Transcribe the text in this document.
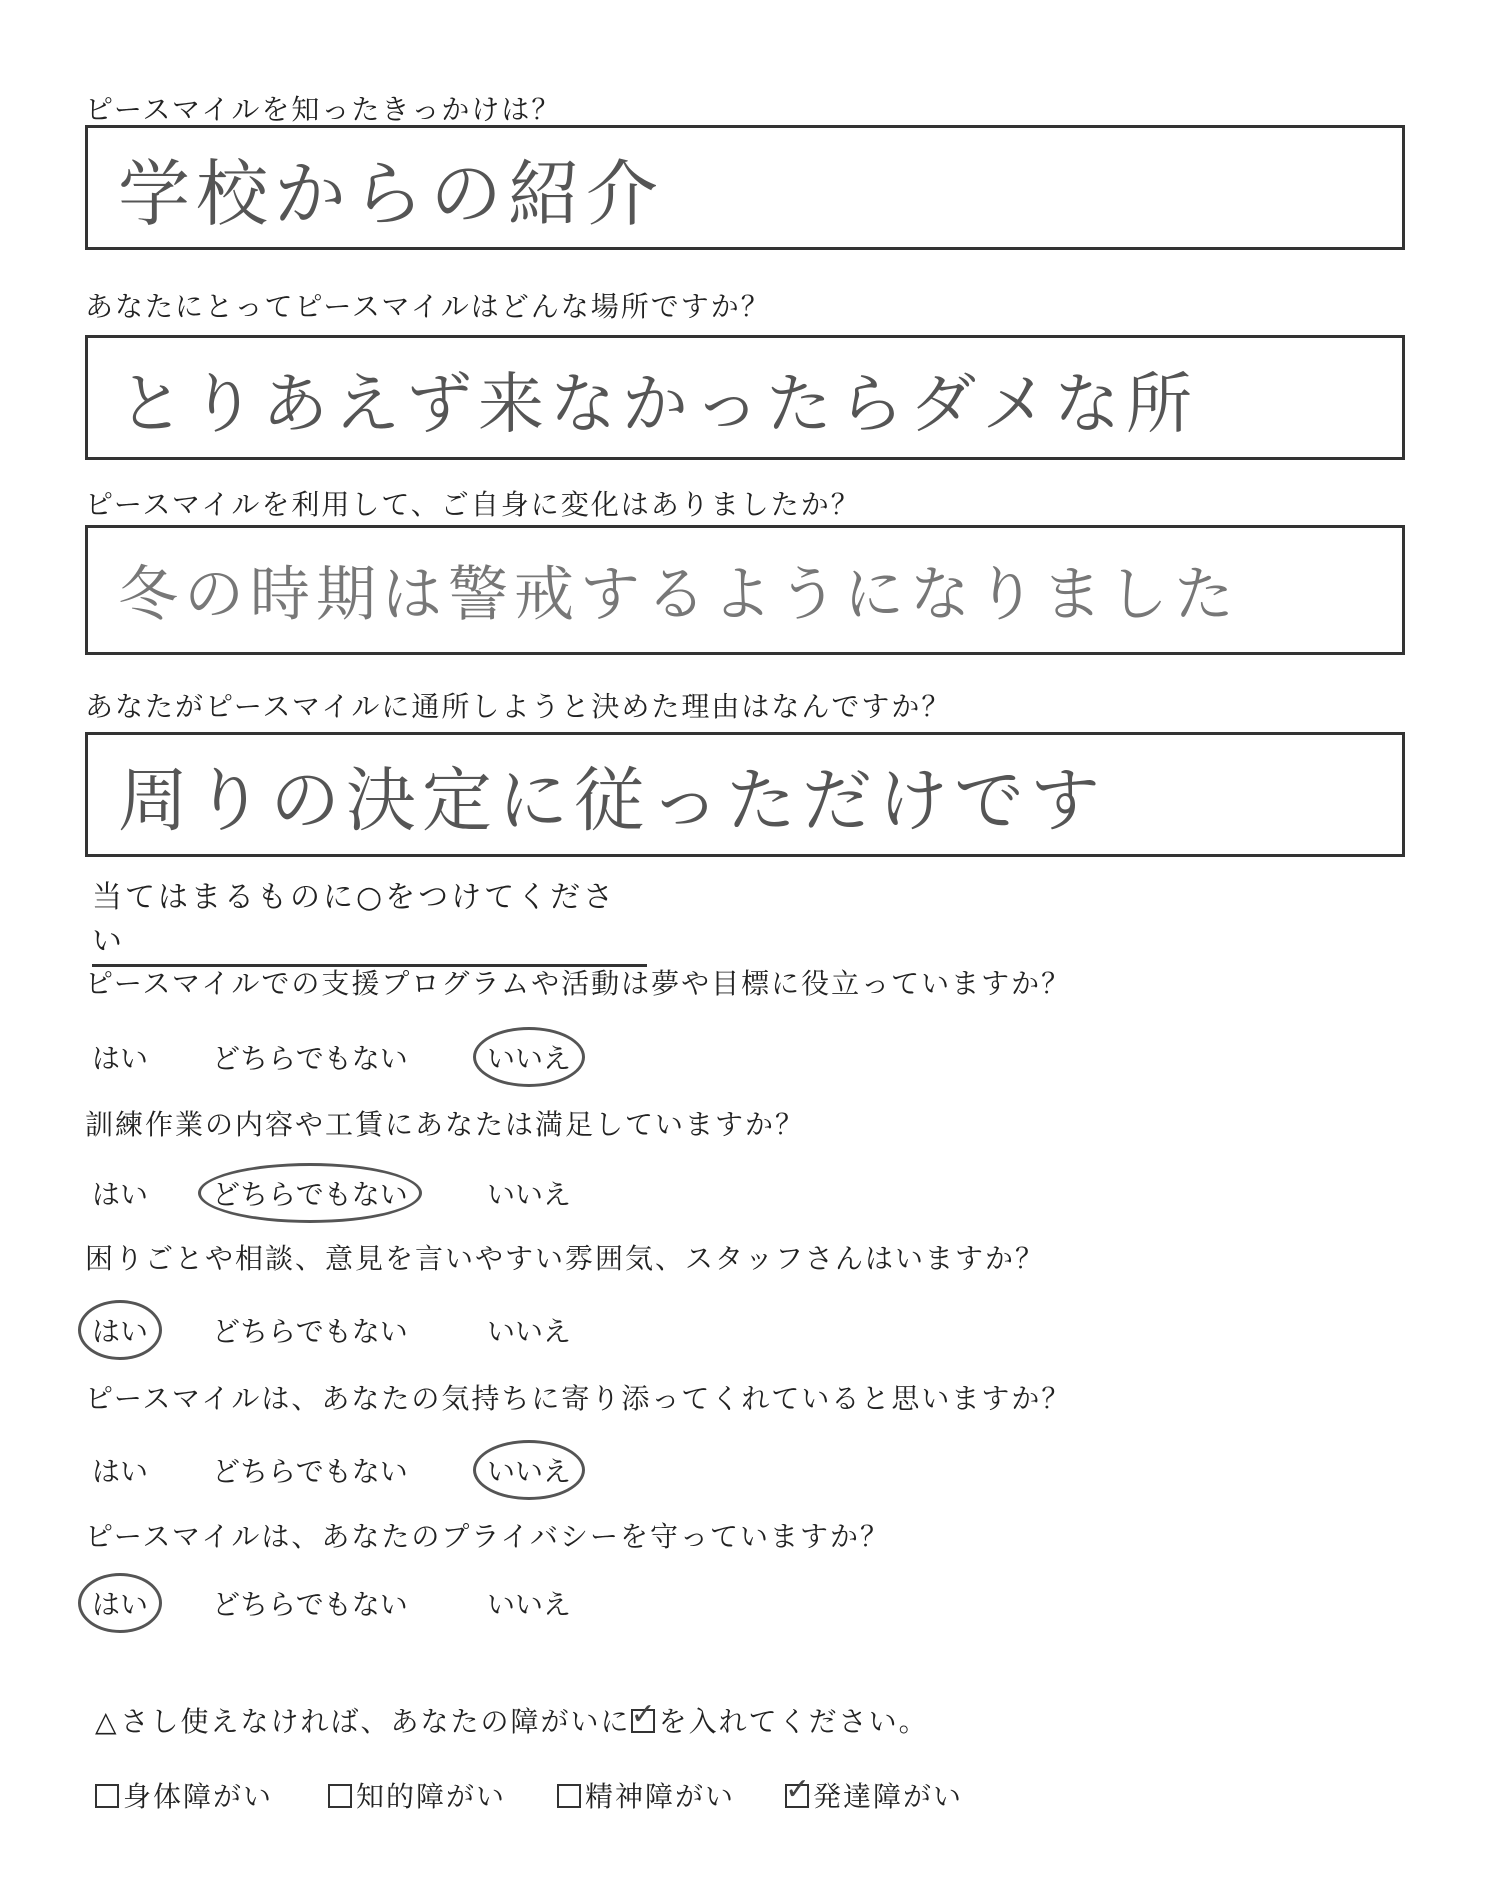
ピースマイルを知ったきっかけは？
学校からの紹介
あなたにとってピースマイルはどんな場所ですか？
とりあえず来なかったらダメな所
ピースマイルを利用して、ご自身に変化はありましたか？
冬の時期は警戒するようになりました
あなたがピースマイルに通所しようと決めた理由はなんですか？
周りの決定に従っただけです
当てはまるものに○をつけてください
ピースマイルでの支援プログラムや活動は夢や目標に役立っていますか？
はい どちらでもない	いいえ
訓練作業の内容や工賃にあなたは満足していますか？
はい どちらでもない	いいえ
困りごとや相談、意見を言いやすい雰囲気、スタッフさんはいますか？
はい どちらでもない	いいえ
ピースマイルは、あなたの気持ちに寄り添ってくれていると思いますか？
はい どちらでもない	いいえ
ピースマイルは、あなたのプライバシーを守っていますか？
はい どちらでもない	いいえ
△さし使えなければ、あなたの障がいに ✓ を入れてください。
身体障がい	知的障がい	精神障がい ✓	発達障がい
